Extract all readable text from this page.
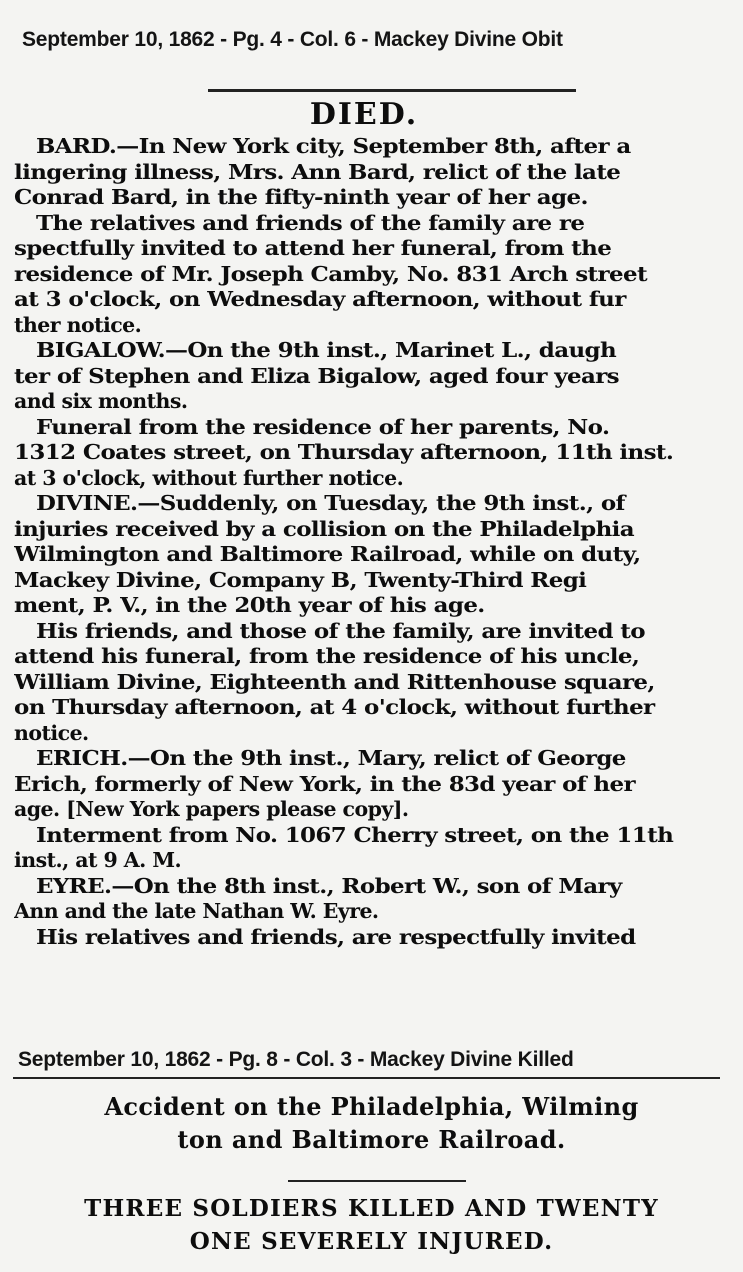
September 10, 1862 - Pg. 4 - Col. 6 - Mackey Divine Obit
DIED.
BARD.—In New York city, September 8th, after a
lingering illness, Mrs. Ann Bard, relict of the late
Conrad Bard, in the fifty-ninth year of her age.
The relatives and friends of the family are re
spectfully invited to attend her funeral, from the
residence of Mr. Joseph Camby, No. 831 Arch street
at 3 o'clock, on Wednesday afternoon, without fur
ther notice.
BIGALOW.—On the 9th inst., Marinet L., daugh
ter of Stephen and Eliza Bigalow, aged four years
and six months.
Funeral from the residence of her parents, No.
1312 Coates street, on Thursday afternoon, 11th inst.
at 3 o'clock, without further notice.
DIVINE.—Suddenly, on Tuesday, the 9th inst., of
injuries received by a collision on the Philadelphia
Wilmington and Baltimore Railroad, while on duty,
Mackey Divine, Company B, Twenty-Third Regi
ment, P. V., in the 20th year of his age.
His friends, and those of the family, are invited to
attend his funeral, from the residence of his uncle,
William Divine, Eighteenth and Rittenhouse square,
on Thursday afternoon, at 4 o'clock, without further
notice.
ERICH.—On the 9th inst., Mary, relict of George
Erich, formerly of New York, in the 83d year of her
age. [New York papers please copy].
Interment from No. 1067 Cherry street, on the 11th
inst., at 9 A. M.
EYRE.—On the 8th inst., Robert W., son of Mary
Ann and the late Nathan W. Eyre.
His relatives and friends, are respectfully invited
September 10, 1862 - Pg. 8 - Col. 3 - Mackey Divine Killed
Accident on the Philadelphia, Wilming
ton and Baltimore Railroad.
THREE SOLDIERS KILLED AND TWENTY
ONE SEVERELY INJURED.
